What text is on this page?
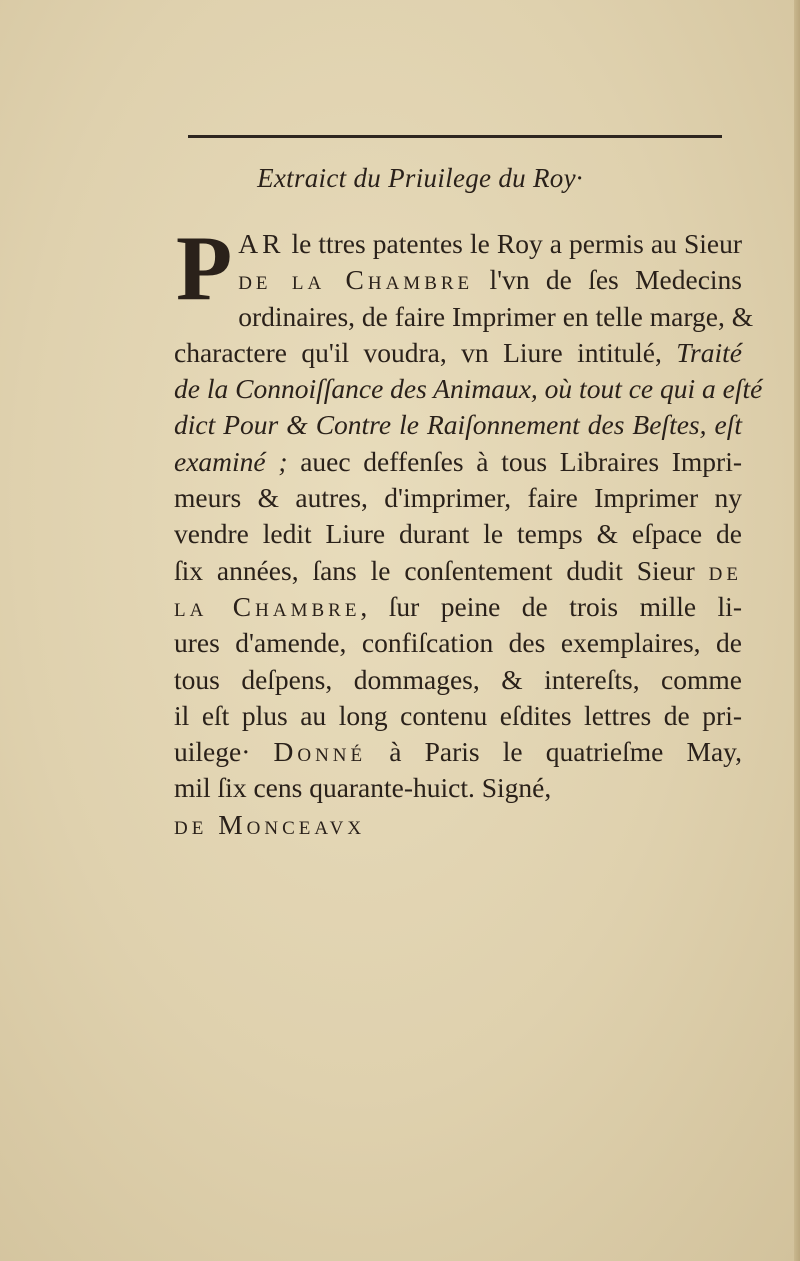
Extraict du Priuilege du Roy·
P AR le ttres patentes le Roy a permis au Sieur
de la Chambre l'vn de ſes Medecins
ordinaires, de faire Imprimer en telle marge, &
charactere qu'il voudra, vn Liure intitulé, Traité
de la Connoiſſance des Animaux, où tout ce qui a eſté
dict Pour & Contre le Raiſonnement des Beſtes, eſt
examiné ; auec deffenſes à tous Libraires Impri-
meurs & autres, d'imprimer, faire Imprimer ny
vendre ledit Liure durant le temps & eſpace de
ſix années, ſans le conſentement dudit Sieur de
la Chambre, ſur peine de trois mille li-
ures d'amende, confiſcation des exemplaires, de
tous deſpens, dommages, & intereſts, comme
il eſt plus au long contenu eſdites lettres de pri-
uilege· Donné à Paris le quatrieſme May,
mil ſix cens quarante-huict. Signé,
de Monceavx
